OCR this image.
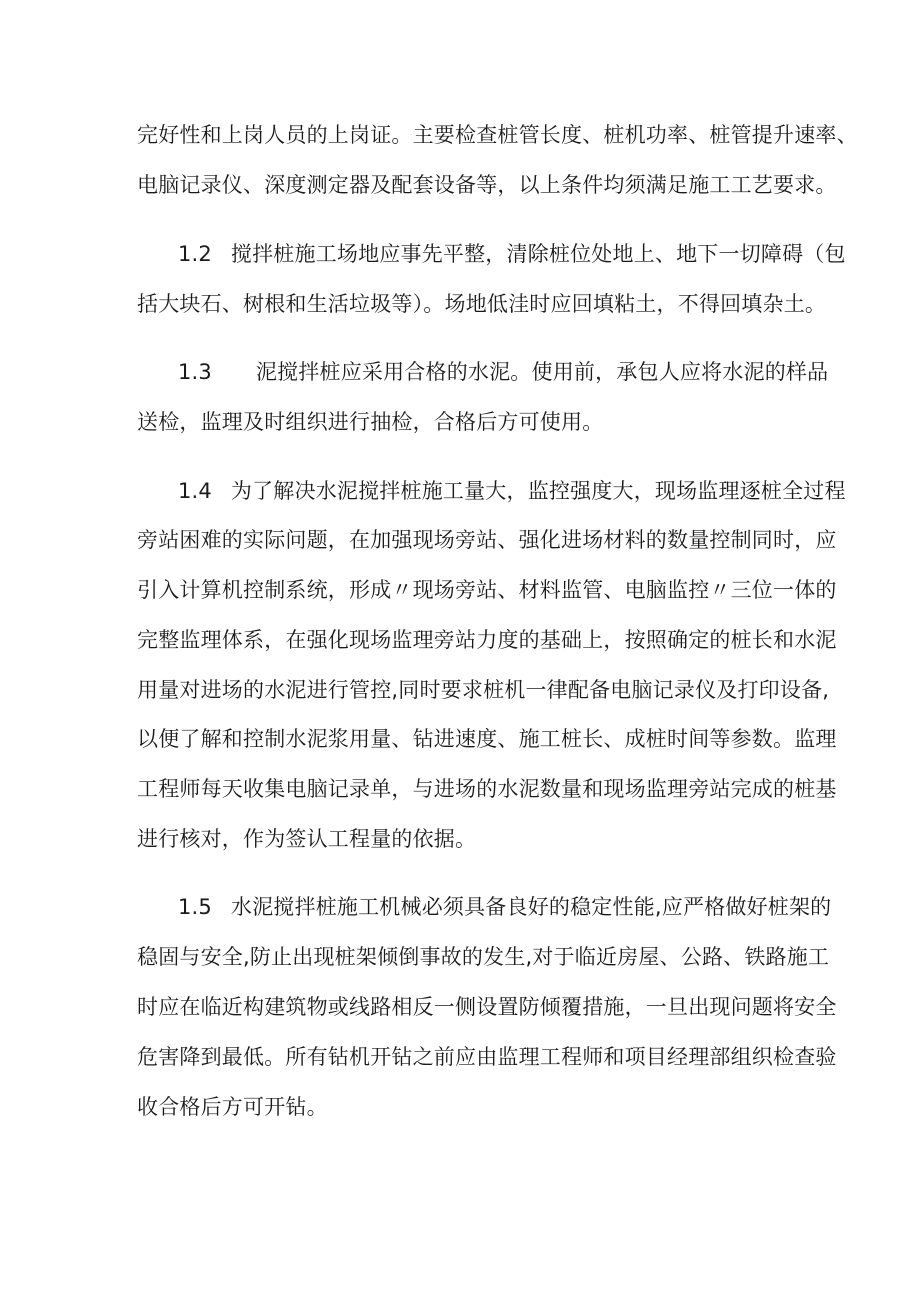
完好性和上岗人员的上岗证。主要检查桩管长度、桩机功率、桩管提升速率、
电脑记录仪、深度测定器及配套设备等，以上条件均须满足施工工艺要求。
1.2 搅拌桩施工场地应事先平整，清除桩位处地上、地下一切障碍（包
括大块石、树根和生活垃圾等）。场地低洼时应回填粘土，不得回填杂土。
1.3 泥搅拌桩应采用合格的水泥。使用前，承包人应将水泥的样品
送检，监理及时组织进行抽检，合格后方可使用。
1.4 为了解决水泥搅拌桩施工量大，监控强度大，现场监理逐桩全过程
旁站困难的实际问题，在加强现场旁站、强化进场材料的数量控制同时，应
引入计算机控制系统，形成〃现场旁站、材料监管、电脑监控〃三位一体的
完整监理体系，在强化现场监理旁站力度的基础上，按照确定的桩长和水泥
用量对进场的水泥进行管控,同时要求桩机一律配备电脑记录仪及打印设备,
以便了解和控制水泥浆用量、钻进速度、施工桩长、成桩时间等参数。监理
工程师每天收集电脑记录单，与进场的水泥数量和现场监理旁站完成的桩基
进行核对，作为签认工程量的依据。
1.5 水泥搅拌桩施工机械必须具备良好的稳定性能,应严格做好桩架的
稳固与安全,防止出现桩架倾倒事故的发生,对于临近房屋、公路、铁路施工
时应在临近构建筑物或线路相反一侧设置防倾覆措施，一旦出现问题将安全
危害降到最低。所有钻机开钻之前应由监理工程师和项目经理部组织检查验
收合格后方可开钻。
